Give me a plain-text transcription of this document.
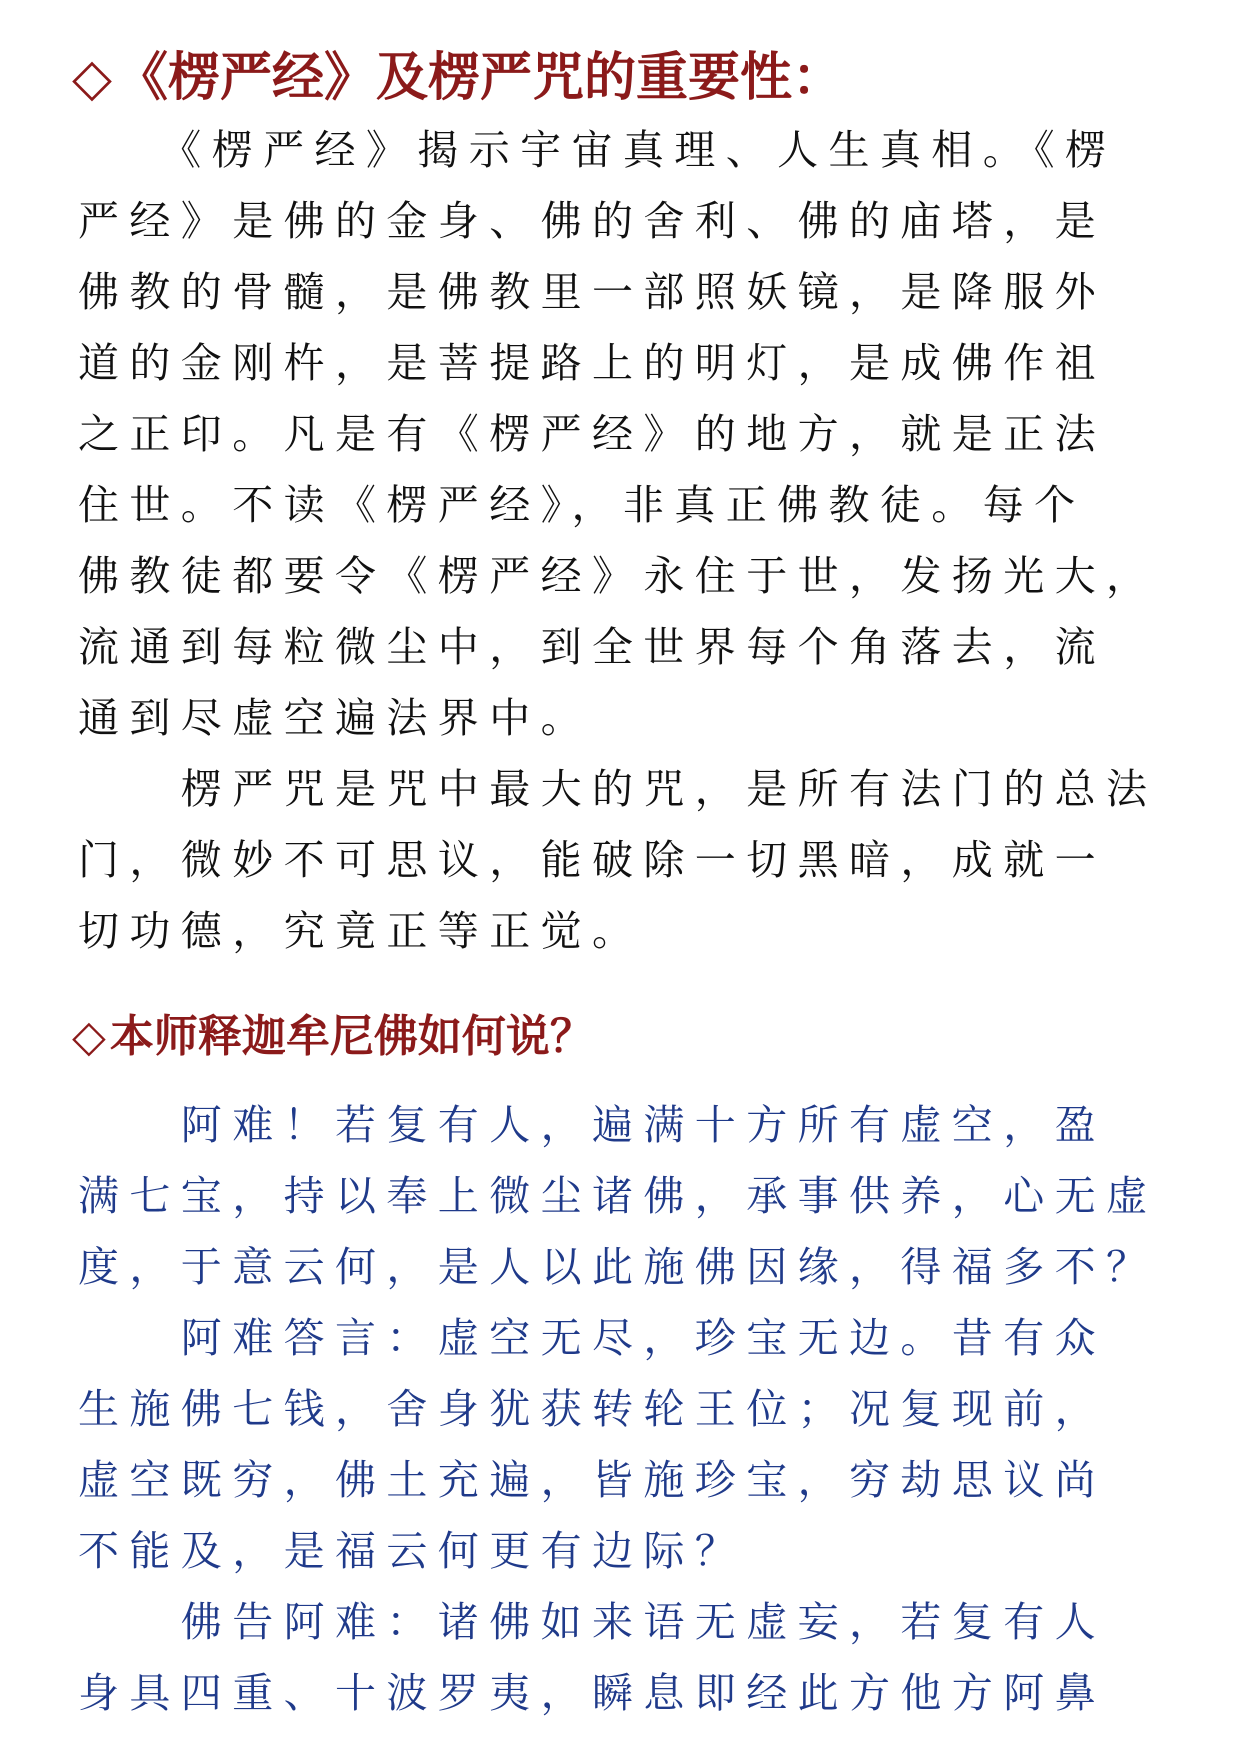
◇《楞严经》及楞严咒的重要性：
　　《楞严经》揭示宇宙真理、人生真相。《楞
严经》是佛的金身、佛的舍利、佛的庙塔，是
佛教的骨髓，是佛教里一部照妖镜，是降服外
道的金刚杵，是菩提路上的明灯，是成佛作祖
之正印。凡是有《楞严经》的地方，就是正法
住世。不读《楞严经》，非真正佛教徒。每个
佛教徒都要令《楞严经》永住于世，发扬光大，
流通到每粒微尘中，到全世界每个角落去，流
通到尽虚空遍法界中。
　　楞严咒是咒中最大的咒，是所有法门的总法
门，微妙不可思议，能破除一切黑暗，成就一
切功德，究竟正等正觉。
◇本师释迦牟尼佛如何说？
　　阿难！若复有人，遍满十方所有虚空，盈
满七宝，持以奉上微尘诸佛，承事供养，心无虚
度，于意云何，是人以此施佛因缘，得福多不？
　　阿难答言：虚空无尽，珍宝无边。昔有众
生施佛七钱，舍身犹获转轮王位；况复现前，
虚空既穷，佛土充遍，皆施珍宝，穷劫思议尚
不能及，是福云何更有边际？
　　佛告阿难：诸佛如来语无虚妄，若复有人
身具四重、十波罗夷，瞬息即经此方他方阿鼻
